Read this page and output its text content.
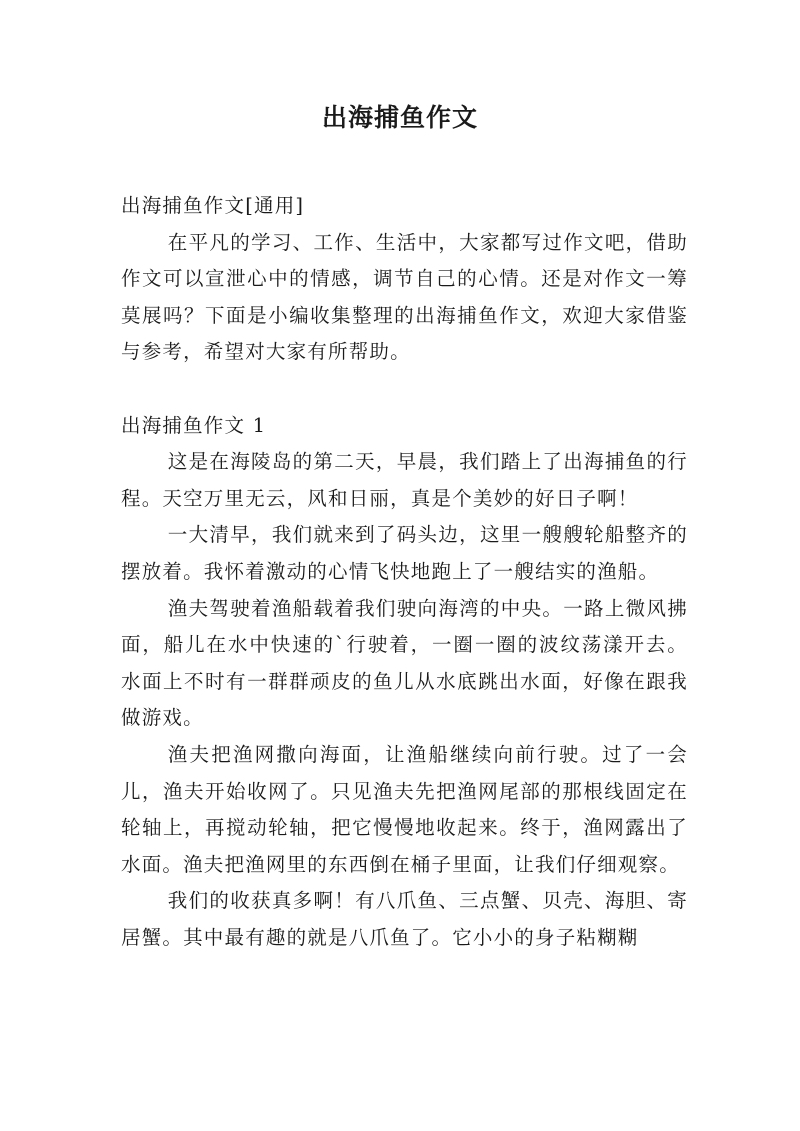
出海捕鱼作文

出海捕鱼作文[通用]

在平凡的学习、工作、生活中，大家都写过作文吧，借助作文可以宣泄心中的情感，调节自己的心情。还是对作文一筹莫展吗？下面是小编收集整理的出海捕鱼作文，欢迎大家借鉴与参考，希望对大家有所帮助。

出海捕鱼作文 1

这是在海陵岛的第二天，早晨，我们踏上了出海捕鱼的行程。天空万里无云，风和日丽，真是个美妙的好日子啊！

一大清早，我们就来到了码头边，这里一艘艘轮船整齐的摆放着。我怀着激动的心情飞快地跑上了一艘结实的渔船。

渔夫驾驶着渔船载着我们驶向海湾的中央。一路上微风拂面，船儿在水中快速的`行驶着，一圈一圈的波纹荡漾开去。水面上不时有一群群顽皮的鱼儿从水底跳出水面，好像在跟我做游戏。

渔夫把渔网撒向海面，让渔船继续向前行驶。过了一会儿，渔夫开始收网了。只见渔夫先把渔网尾部的那根线固定在轮轴上，再搅动轮轴，把它慢慢地收起来。终于，渔网露出了水面。渔夫把渔网里的东西倒在桶子里面，让我们仔细观察。

我们的收获真多啊！有八爪鱼、三点蟹、贝壳、海胆、寄居蟹。其中最有趣的就是八爪鱼了。它小小的身子粘糊糊
